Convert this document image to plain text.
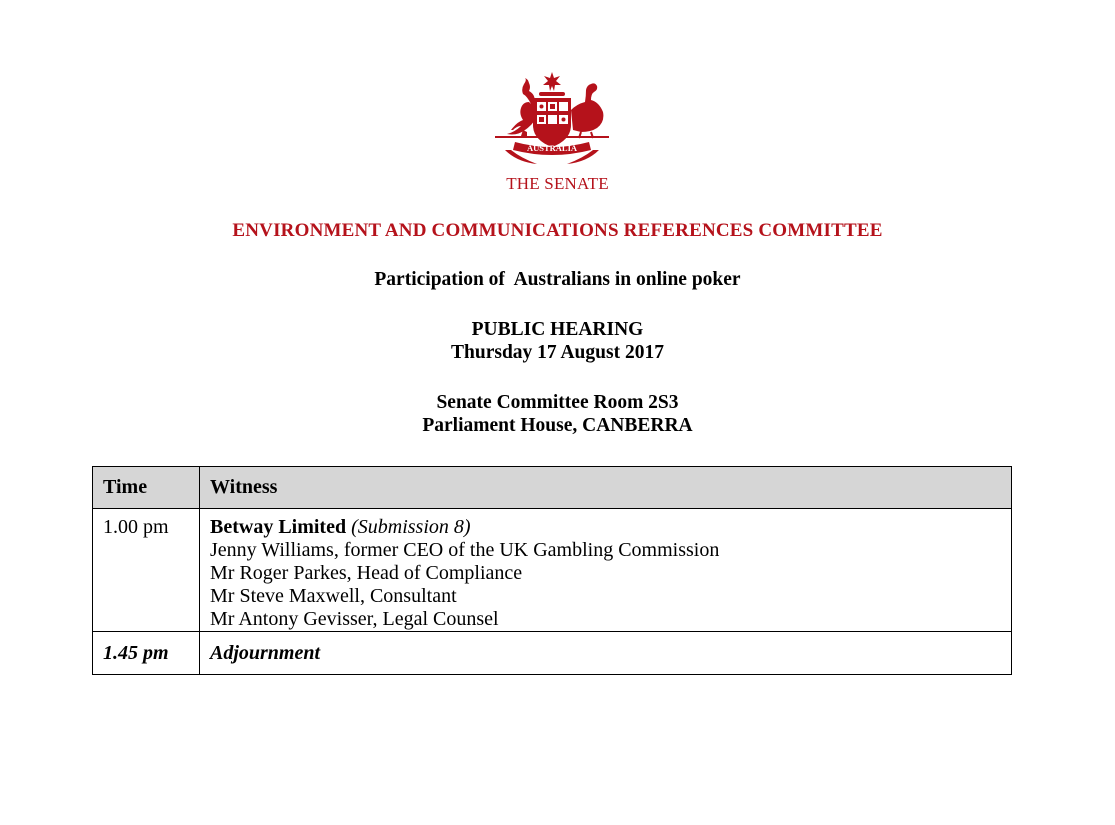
AUSTRALIA
THE SENATE
ENVIRONMENT AND COMMUNICATIONS REFERENCES COMMITTEE
Participation of  Australians in online poker
PUBLIC HEARING
Thursday 17 August 2017
Senate Committee Room 2S3
Parliament House, CANBERRA
Time	Witness
1.00 pm	Betway Limited (Submission 8)
Jenny Williams, former CEO of the UK Gambling Commission
Mr Roger Parkes, Head of Compliance
Mr Steve Maxwell, Consultant
Mr Antony Gevisser, Legal Counsel

1.45 pm	Adjournment
